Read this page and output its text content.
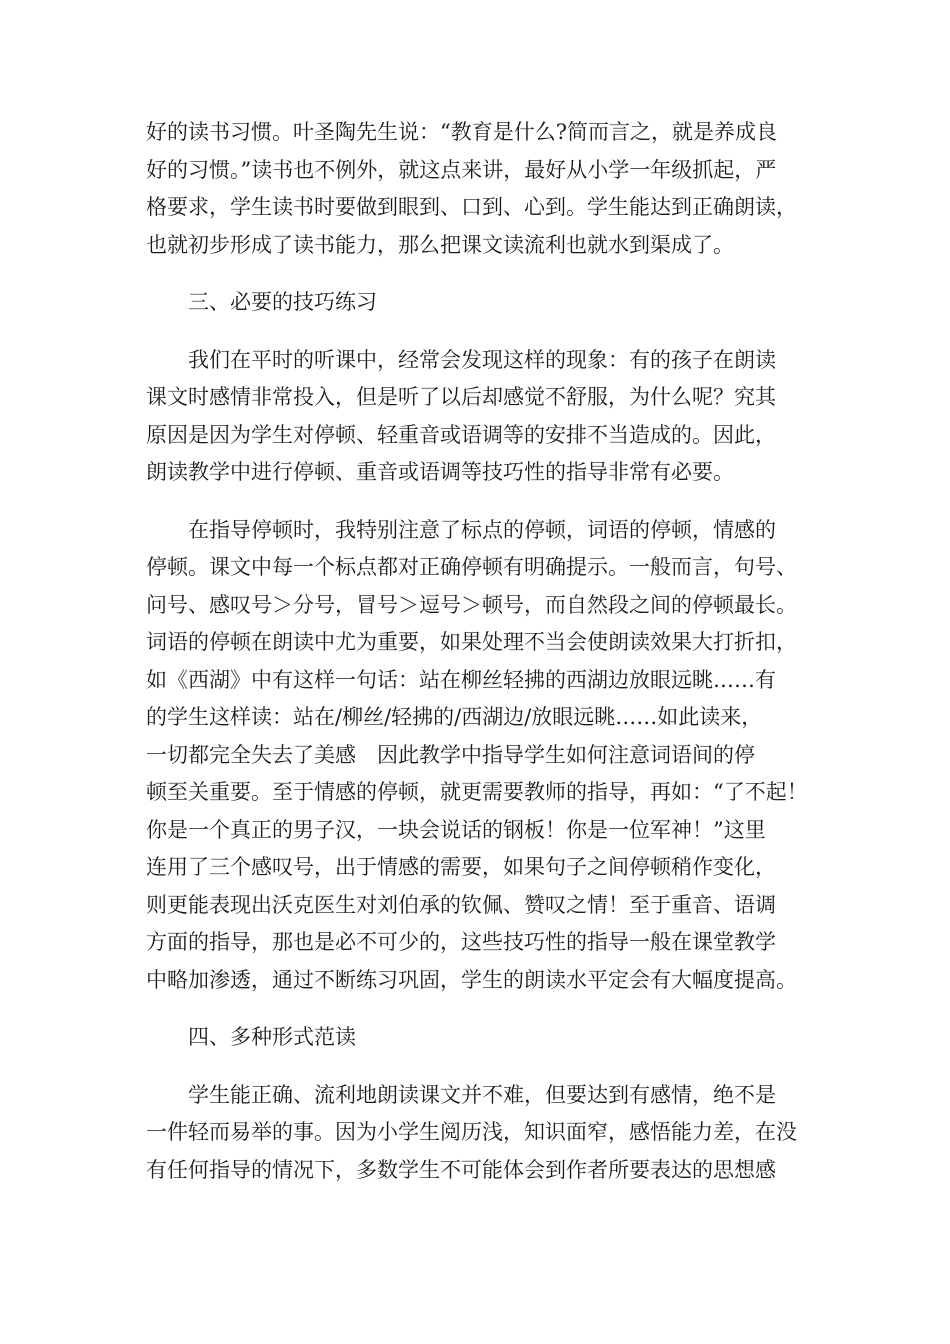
好的读书习惯。叶圣陶先生说：“教育是什么?简而言之，就是养成良
好的习惯。”读书也不例外，就这点来讲，最好从小学一年级抓起，严
格要求，学生读书时要做到眼到、口到、心到。学生能达到正确朗读，
也就初步形成了读书能力，那么把课文读流利也就水到渠成了。
三、必要的技巧练习
　　我们在平时的听课中，经常会发现这样的现象：有的孩子在朗读
课文时感情非常投入，但是听了以后却感觉不舒服，为什么呢？究其
原因是因为学生对停顿、轻重音或语调等的安排不当造成的。因此，
朗读教学中进行停顿、重音或语调等技巧性的指导非常有必要。
　　在指导停顿时，我特别注意了标点的停顿，词语的停顿，情感的
停顿。课文中每一个标点都对正确停顿有明确提示。一般而言，句号、
问号、感叹号＞分号，冒号＞逗号＞顿号，而自然段之间的停顿最长。
词语的停顿在朗读中尤为重要，如果处理不当会使朗读效果大打折扣，
如《西湖》中有这样一句话：站在柳丝轻拂的西湖边放眼远眺……有
的学生这样读：站在/柳丝/轻拂的/西湖边/放眼远眺……如此读来，
一切都完全失去了美感　因此教学中指导学生如何注意词语间的停
顿至关重要。至于情感的停顿，就更需要教师的指导，再如：“了不起！
你是一个真正的男子汉，一块会说话的钢板！你是一位军神！”这里
连用了三个感叹号，出于情感的需要，如果句子之间停顿稍作变化，
则更能表现出沃克医生对刘伯承的钦佩、赞叹之情！至于重音、语调
方面的指导，那也是必不可少的，这些技巧性的指导一般在课堂教学
中略加渗透，通过不断练习巩固，学生的朗读水平定会有大幅度提高。
四、多种形式范读
　　学生能正确、流利地朗读课文并不难，但要达到有感情，绝不是
一件轻而易举的事。因为小学生阅历浅，知识面窄，感悟能力差，在没
有任何指导的情况下，多数学生不可能体会到作者所要表达的思想感
